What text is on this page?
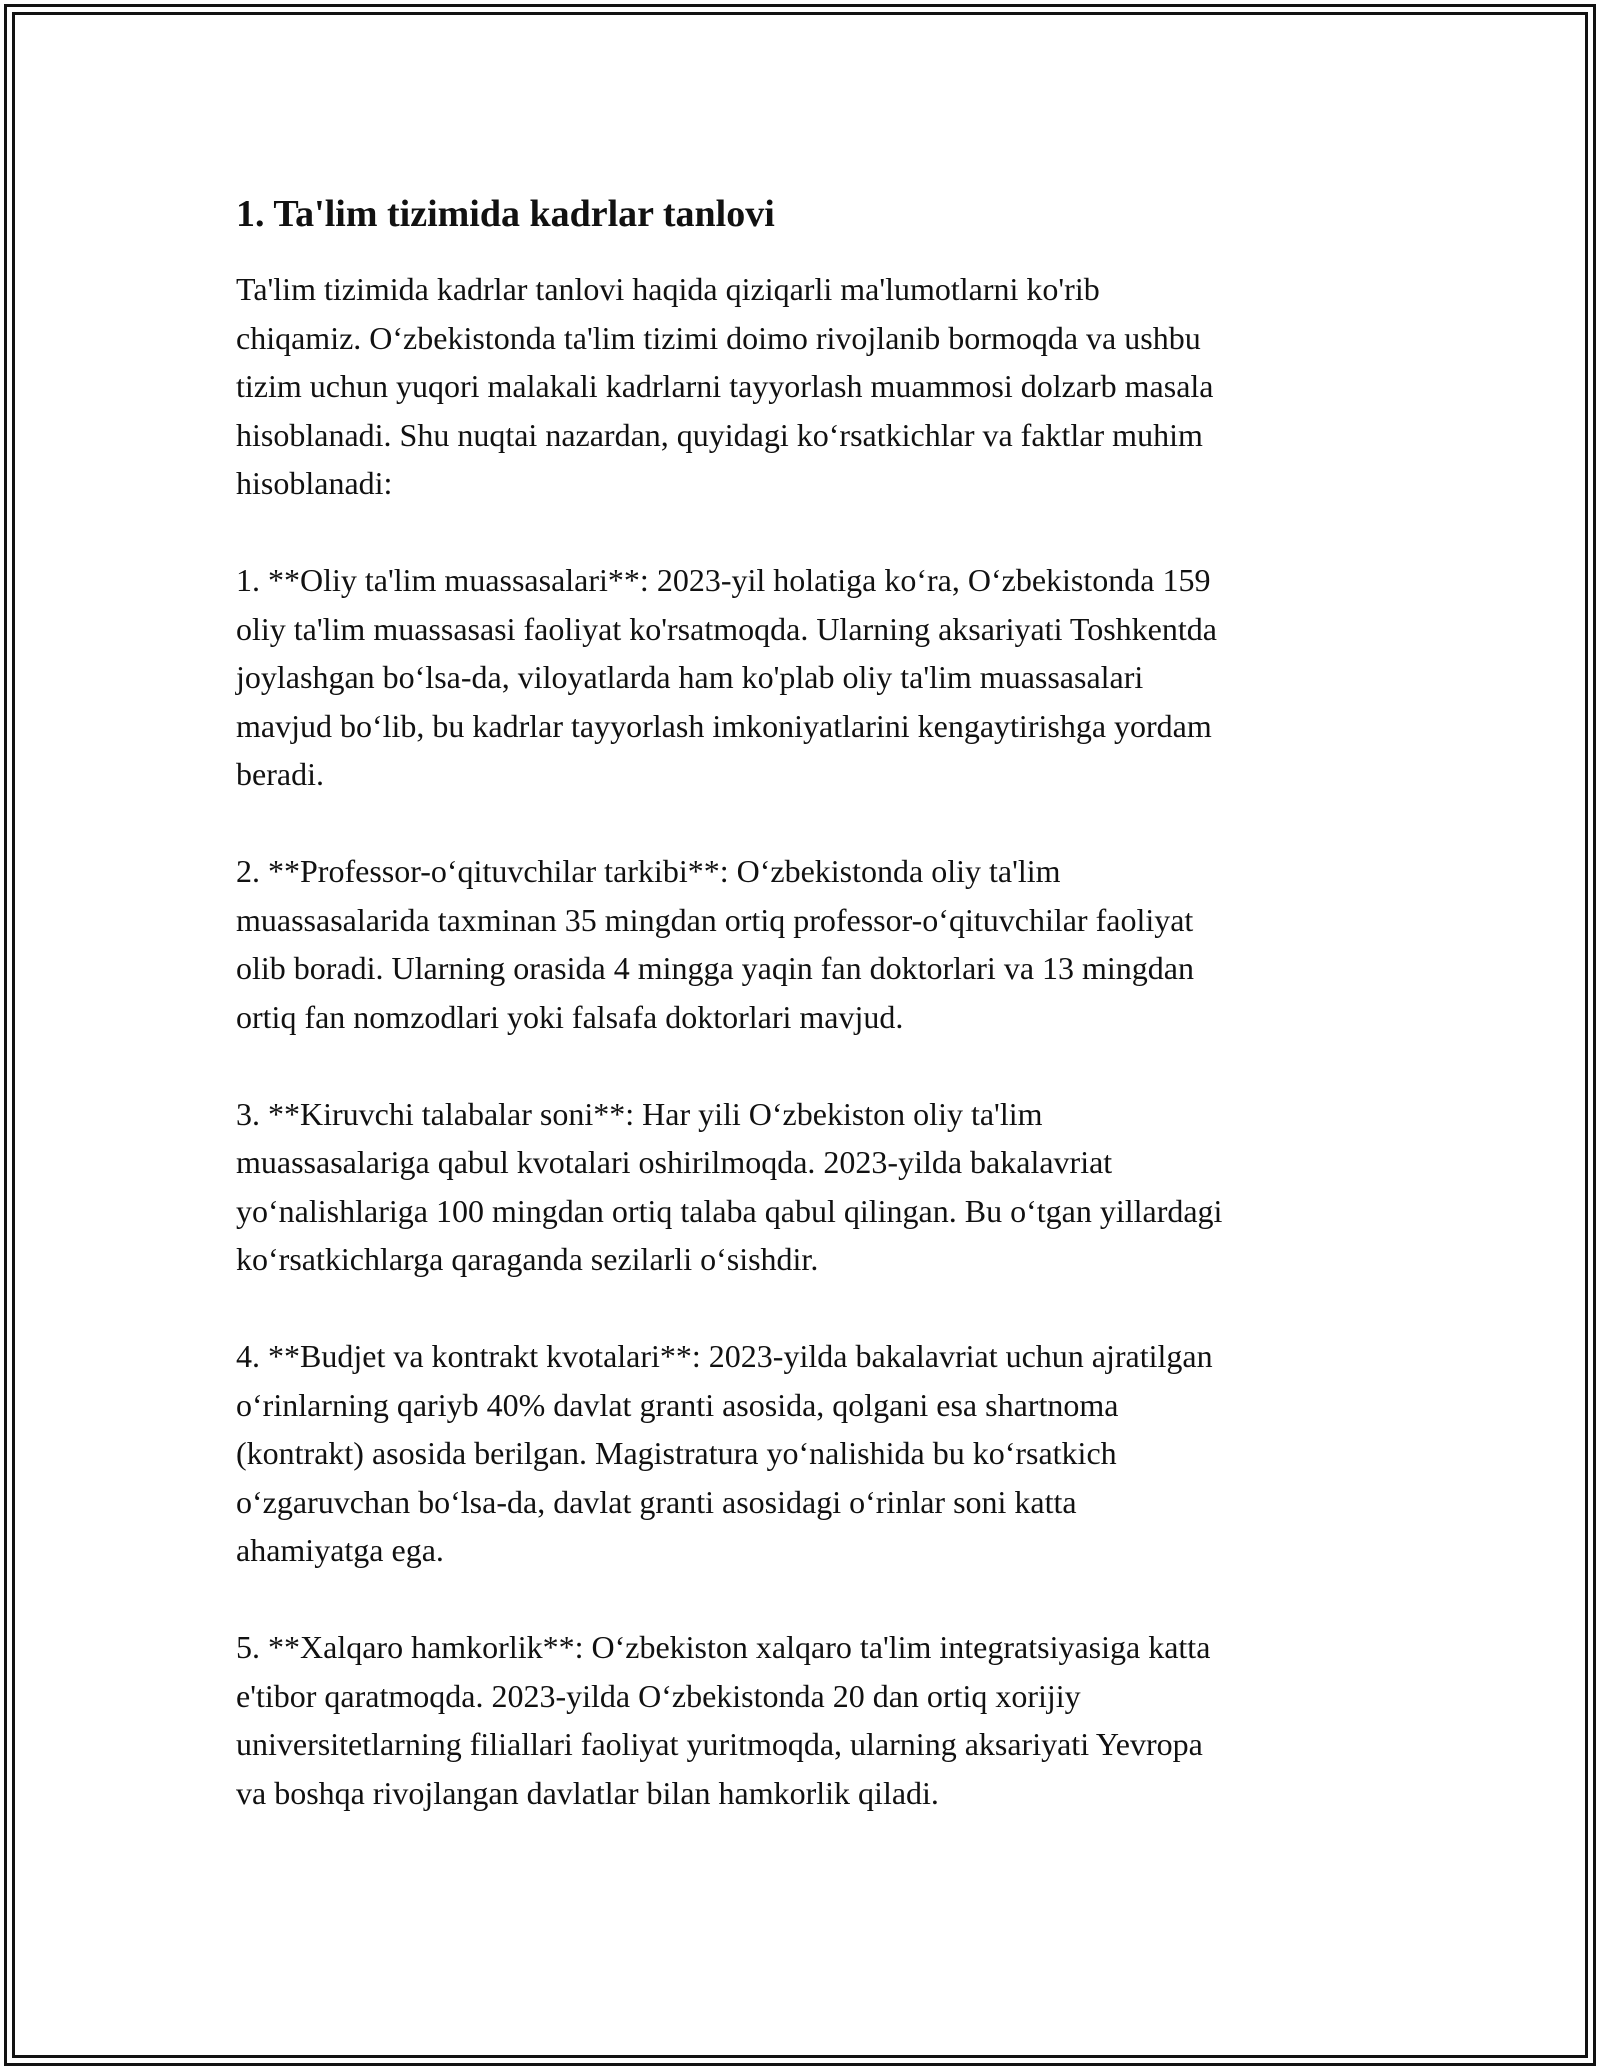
1. Ta'lim tizimida kadrlar tanlovi

Ta'lim tizimida kadrlar tanlovi haqida qiziqarli ma'lumotlarni ko'rib
chiqamiz. O‘zbekistonda ta'lim tizimi doimo rivojlanib bormoqda va ushbu
tizim uchun yuqori malakali kadrlarni tayyorlash muammosi dolzarb masala
hisoblanadi. Shu nuqtai nazardan, quyidagi ko‘rsatkichlar va faktlar muhim
hisoblanadi:

1. **Oliy ta'lim muassasalari**: 2023-yil holatiga ko‘ra, O‘zbekistonda 159
oliy ta'lim muassasasi faoliyat ko'rsatmoqda. Ularning aksariyati Toshkentda
joylashgan bo‘lsa-da, viloyatlarda ham ko'plab oliy ta'lim muassasalari
mavjud bo‘lib, bu kadrlar tayyorlash imkoniyatlarini kengaytirishga yordam
beradi.

2. **Professor-o‘qituvchilar tarkibi**: O‘zbekistonda oliy ta'lim
muassasalarida taxminan 35 mingdan ortiq professor-o‘qituvchilar faoliyat
olib boradi. Ularning orasida 4 mingga yaqin fan doktorlari va 13 mingdan
ortiq fan nomzodlari yoki falsafa doktorlari mavjud.

3. **Kiruvchi talabalar soni**: Har yili O‘zbekiston oliy ta'lim
muassasalariga qabul kvotalari oshirilmoqda. 2023-yilda bakalavriat
yo‘nalishlariga 100 mingdan ortiq talaba qabul qilingan. Bu o‘tgan yillardagi
ko‘rsatkichlarga qaraganda sezilarli o‘sishdir.

4. **Budjet va kontrakt kvotalari**: 2023-yilda bakalavriat uchun ajratilgan
o‘rinlarning qariyb 40% davlat granti asosida, qolgani esa shartnoma
(kontrakt) asosida berilgan. Magistratura yo‘nalishida bu ko‘rsatkich
o‘zgaruvchan bo‘lsa-da, davlat granti asosidagi o‘rinlar soni katta
ahamiyatga ega.

5. **Xalqaro hamkorlik**: O‘zbekiston xalqaro ta'lim integratsiyasiga katta
e'tibor qaratmoqda. 2023-yilda O‘zbekistonda 20 dan ortiq xorijiy
universitetlarning filiallari faoliyat yuritmoqda, ularning aksariyati Yevropa
va boshqa rivojlangan davlatlar bilan hamkorlik qiladi.
